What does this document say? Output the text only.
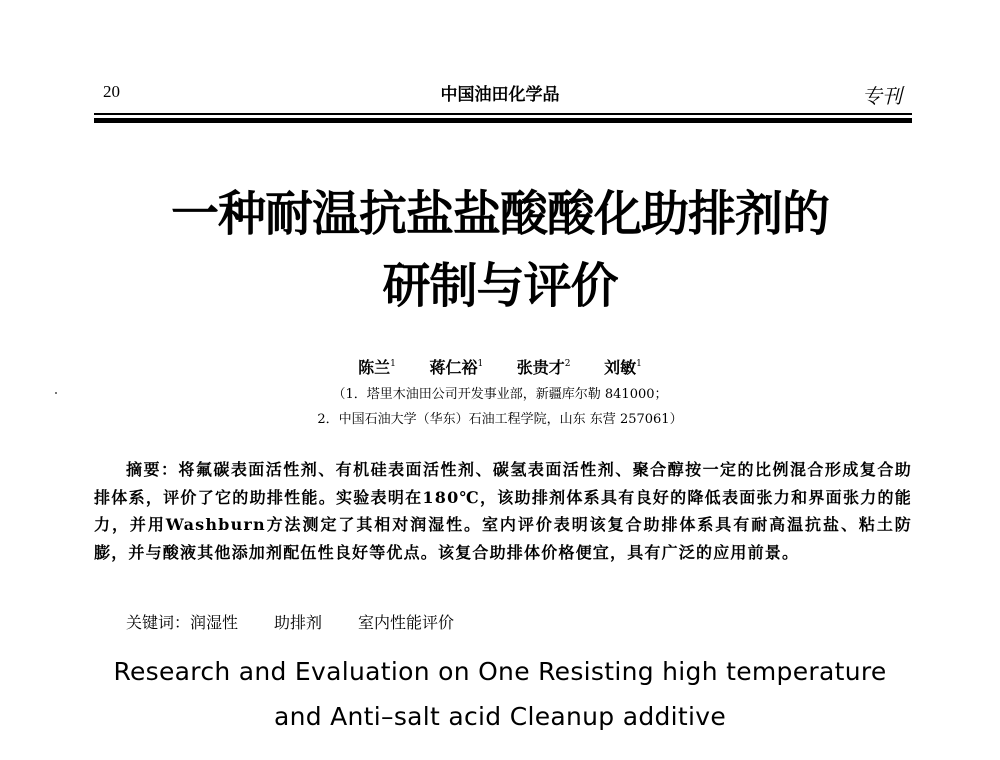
20	中国油田化学品	专刊
一种耐温抗盐盐酸酸化助排剂的
研制与评价
陈兰$^1$ 蒋仁裕$^1$ 张贵才$^2$ 刘敏$^1$
（1．塔里木油田公司开发事业部，新疆库尔勒 841000；
2．中国石油大学（华东）石油工程学院，山东 东营 257061）
摘要：将氟碳表面活性剂、有机硅表面活性剂、碳氢表面活性剂、聚合醇按一定的比例混合形成复合助排体系，评价了它的助排性能。实验表明在180℃，该助排剂体系具有良好的降低表面张力和界面张力的能力，并用Washburn方法测定了其相对润湿性。室内评价表明该复合助排体系具有耐高温抗盐、粘土防膨，并与酸液其他添加剂配伍性良好等优点。该复合助排体价格便宜，具有广泛的应用前景。
关键词：润湿性 助排剂 室内性能评价
Research and Evaluation on One Resisting high temperature
and Anti–salt acid Cleanup additive
